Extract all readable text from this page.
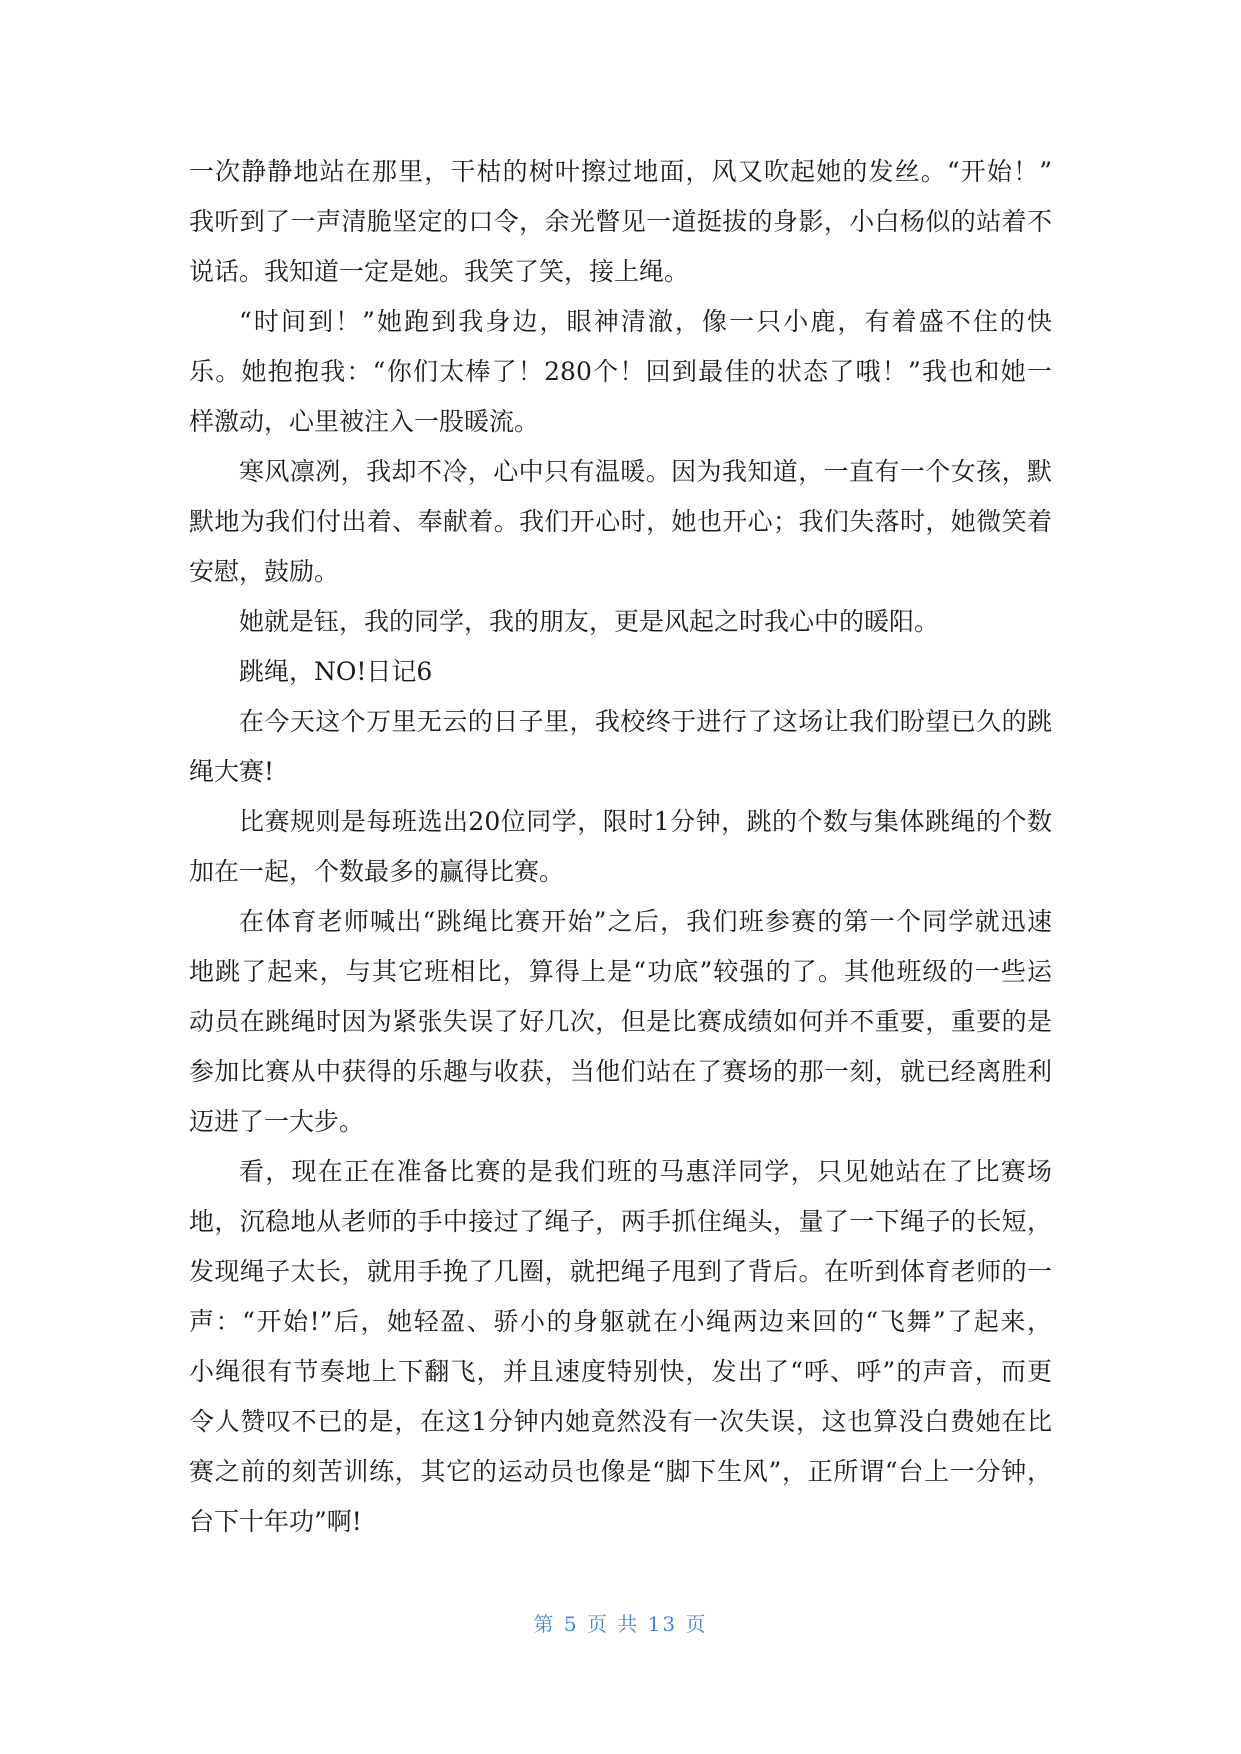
一次静静地站在那里，干枯的树叶擦过地面，风又吹起她的发丝。“开始！”
我听到了一声清脆坚定的口令，余光瞥见一道挺拔的身影，小白杨似的站着不
说话。我知道一定是她。我笑了笑，接上绳。
“时间到！”她跑到我身边，眼神清澈，像一只小鹿，有着盛不住的快
乐。她抱抱我：“你们太棒了！280个！回到最佳的状态了哦！”我也和她一
样激动，心里被注入一股暖流。
寒风凛冽，我却不冷，心中只有温暖。因为我知道，一直有一个女孩，默
默地为我们付出着、奉献着。我们开心时，她也开心；我们失落时，她微笑着
安慰，鼓励。
她就是钰，我的同学，我的朋友，更是风起之时我心中的暖阳。
跳绳，NO!日记6
在今天这个万里无云的日子里，我校终于进行了这场让我们盼望已久的跳
绳大赛!
比赛规则是每班选出20位同学，限时1分钟，跳的个数与集体跳绳的个数
加在一起，个数最多的赢得比赛。
在体育老师喊出“跳绳比赛开始”之后，我们班参赛的第一个同学就迅速
地跳了起来，与其它班相比，算得上是“功底”较强的了。其他班级的一些运
动员在跳绳时因为紧张失误了好几次，但是比赛成绩如何并不重要，重要的是
参加比赛从中获得的乐趣与收获，当他们站在了赛场的那一刻，就已经离胜利
迈进了一大步。
看，现在正在准备比赛的是我们班的马惠洋同学，只见她站在了比赛场
地，沉稳地从老师的手中接过了绳子，两手抓住绳头，量了一下绳子的长短，
发现绳子太长，就用手挽了几圈，就把绳子甩到了背后。在听到体育老师的一
声：“开始!”后，她轻盈、骄小的身躯就在小绳两边来回的“飞舞”了起来，
小绳很有节奏地上下翻飞，并且速度特别快，发出了“呼、呼”的声音，而更
令人赞叹不已的是，在这1分钟内她竟然没有一次失误，这也算没白费她在比
赛之前的刻苦训练，其它的运动员也像是“脚下生风”，正所谓“台上一分钟，
台下十年功”啊!
第 5 页 共 13 页
